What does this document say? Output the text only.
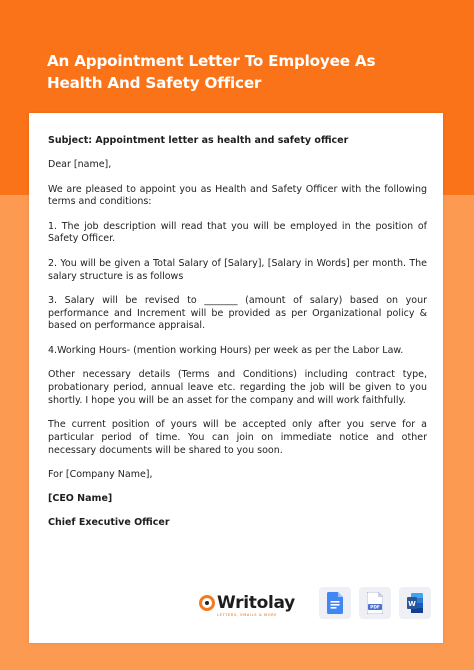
An Appointment Letter To Employee As Health And Safety Officer

Subject: Appointment letter as health and safety officer

Dear [name],

We are pleased to appoint you as Health and Safety Officer with the following terms and conditions:

1. The job description will read that you will be employed in the position of Safety Officer.

2. You will be given a Total Salary of [Salary], [Salary in Words] per month. The salary structure is as follows

3. Salary will be revised to _______ (amount of salary) based on your performance and Increment will be provided as per Organizational policy & based on performance appraisal.

4.Working Hours- (mention working Hours) per week as per the Labor Law.

Other necessary details (Terms and Conditions) including contract type, probationary period, annual leave etc. regarding the job will be given to you shortly. I hope you will be an asset for the company and will work faithfully.

The current position of yours will be accepted only after you serve for a particular period of time. You can join on immediate notice and other necessary documents will be shared to you soon.

For [Company Name],

[CEO Name]

Chief Executive Officer

Writolay
LETTERS, EMAILS & MORE
PDF
W
